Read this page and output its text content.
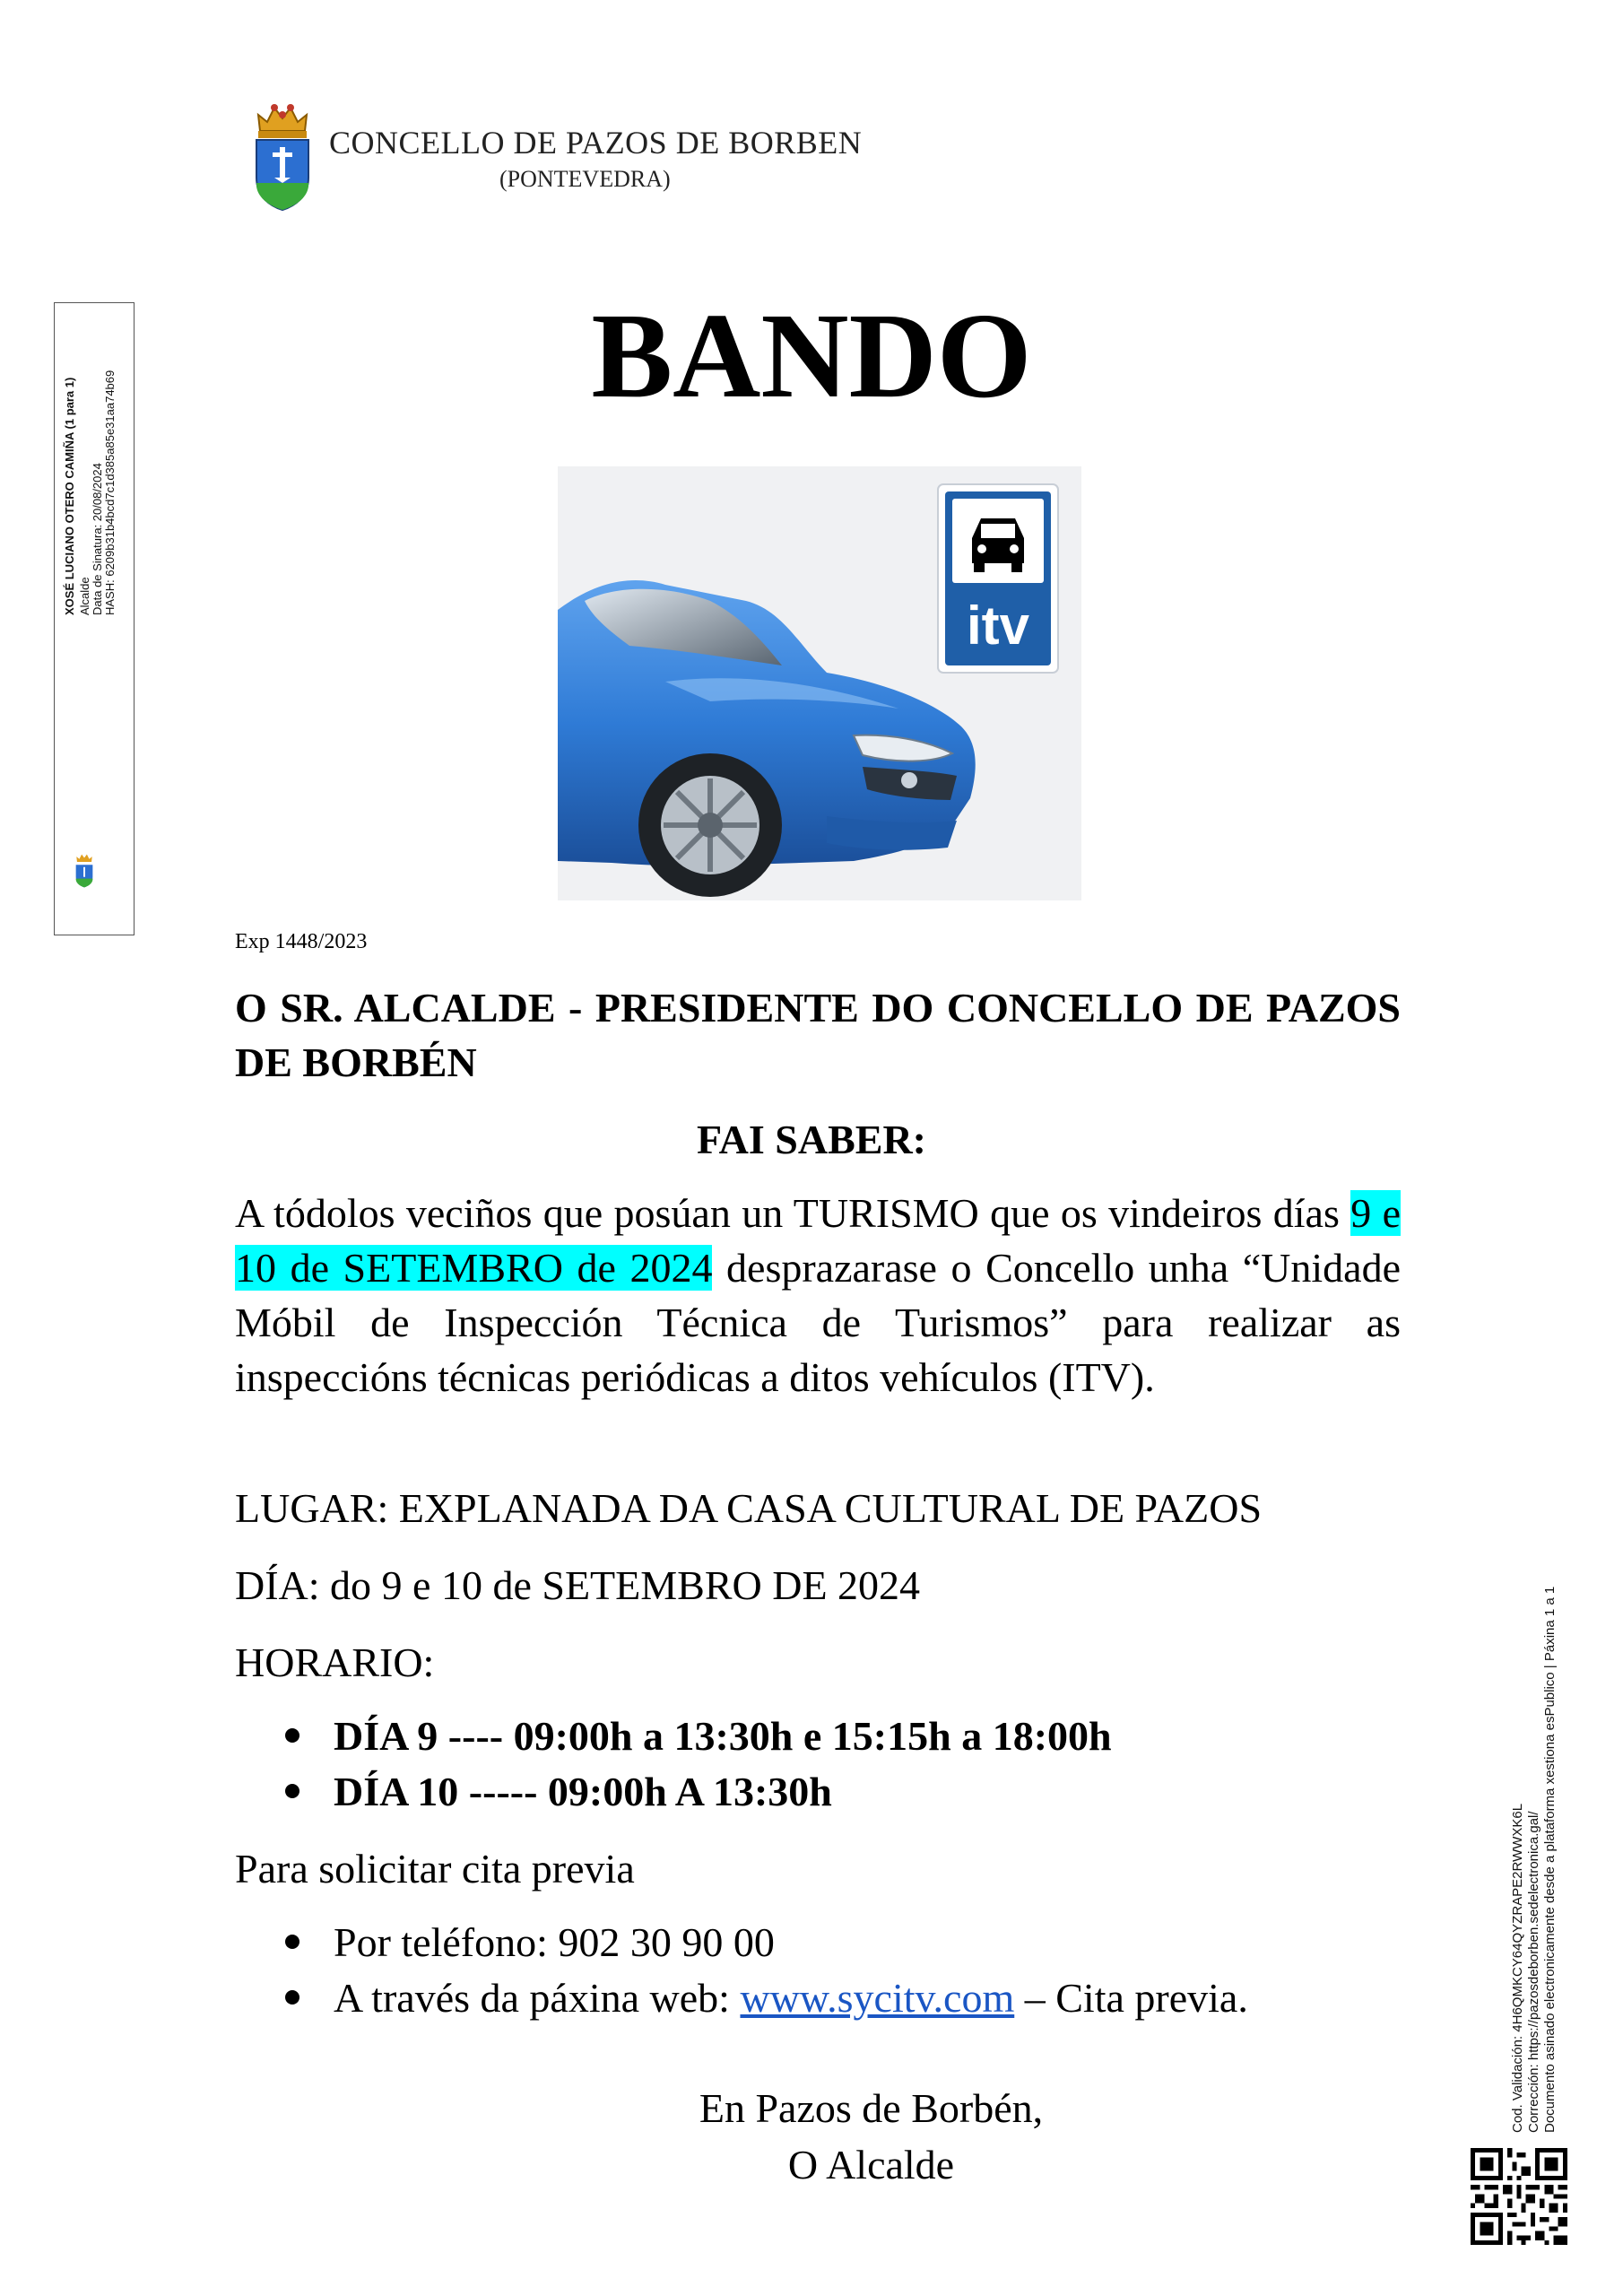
CONCELLO DE PAZOS DE BORBEN
(PONTEVEDRA)
XOSÉ LUCIANO OTERO CAMIÑA (1 para 1) Alcalde Data de Sinatura: 20/08/2024 HASH: 6209b31b4bcd7c1d385a85e31aa74b69
BANDO
itv
Exp 1448/2023
O SR. ALCALDE - PRESIDENTE DO CONCELLO DE PAZOS DE BORBÉN
FAI SABER:
A tódolos veciños que posúan un TURISMO que os vindeiros días 9 e 10 de SETEMBRO de 2024 desprazarase o Concello unha “Unidade Móbil de Inspección Técnica de Turismos” para realizar as inspeccións técnicas periódicas a ditos vehículos (ITV).
LUGAR: EXPLANADA DA CASA CULTURAL DE PAZOS
DÍA: do 9 e 10 de SETEMBRO DE 2024
HORARIO:
DÍA 9 ---- 09:00h a 13:30h e 15:15h a 18:00h
DÍA 10 ----- 09:00h A 13:30h
Para solicitar cita previa
Por teléfono: 902 30 90 00
A través da páxina web: www.sycitv.com – Cita previa.
En Pazos de Borbén,
O Alcalde
Cod. Validación: 4H6QMKCY64QYZRAPE2RWWXK6L Corrección: https://pazosdeborben.sedelectronica.gal/ Documento asinado electronicamente desde a plataforma xestiona esPublico | Páxina 1 a 1
